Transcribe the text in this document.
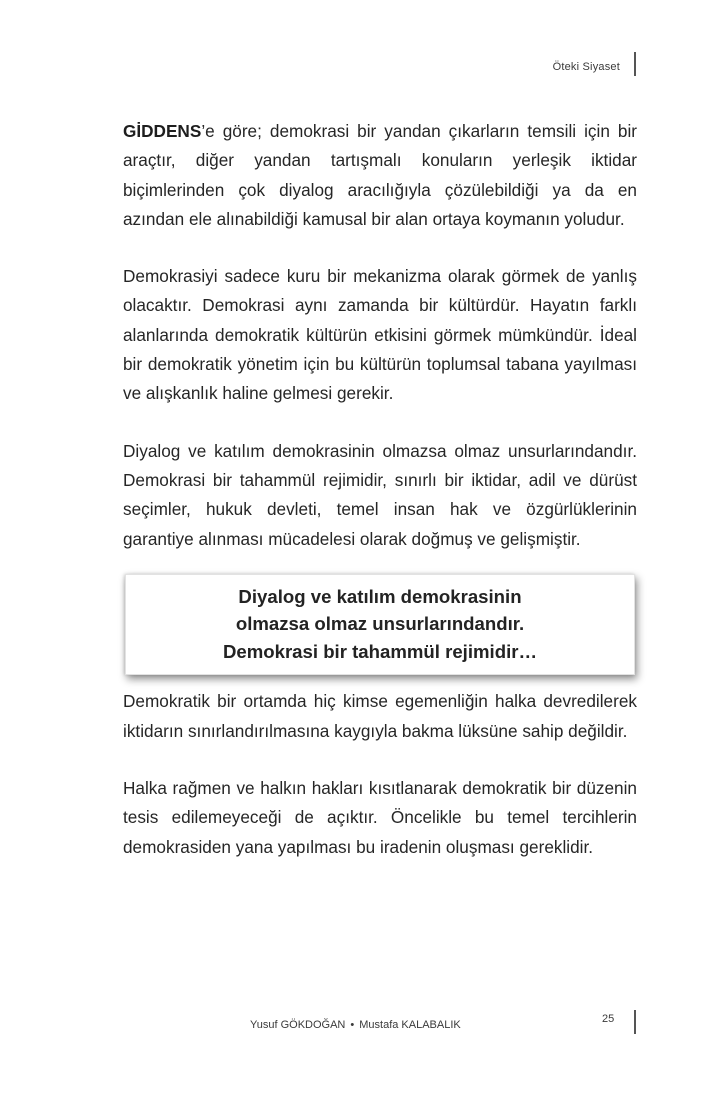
Öteki Siyaset

GİDDENS’e göre; demokrasi bir yandan çıkarların temsili için bir araçtır, diğer yandan tartışmalı konuların yerleşik iktidar biçimlerinden çok diyalog aracılığıyla çözülebildiği ya da en azından ele alınabildiği kamusal bir alan ortaya koymanın yoludur.

Demokrasiyi sadece kuru bir mekanizma olarak görmek de yanlış olacaktır. Demokrasi aynı zamanda bir kültürdür. Hayatın farklı alanlarında demokratik kültürün etkisini görmek mümkündür. İdeal bir demokratik yönetim için bu kültürün toplumsal tabana yayılması ve alışkanlık haline gelmesi gerekir.

Diyalog ve katılım demokrasinin olmazsa olmaz unsurlarındandır. Demokrasi bir tahammül rejimidir, sınırlı bir iktidar, adil ve dürüst seçimler, hukuk devleti, temel insan hak ve özgürlüklerinin garantiye alınması mücadelesi olarak doğmuş ve gelişmiştir.

Diyalog ve katılım demokrasinin
olmazsa olmaz unsurlarındandır.
Demokrasi bir tahammül rejimidir…

Demokratik bir ortamda hiç kimse egemenliğin halka devredilerek iktidarın sınırlandırılmasına kaygıyla bakma lüksüne sahip değildir.

Halka rağmen ve halkın hakları kısıtlanarak demokratik bir düzenin tesis edilemeyeceği de açıktır. Öncelikle bu temel tercihlerin demokrasiden yana yapılması bu iradenin oluşması gereklidir.

Yusuf GÖKDOĞAN • Mustafa KALABALIK	25
